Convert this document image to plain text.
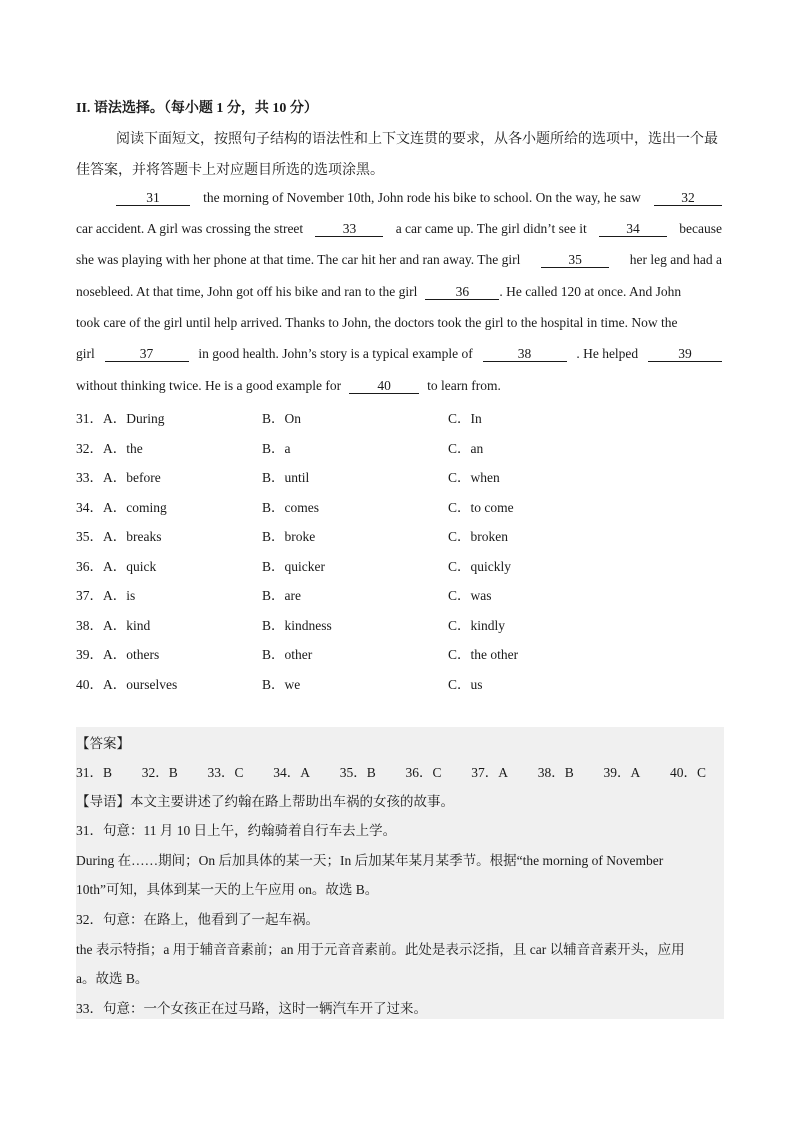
II. 语法选择。（每小题 1 分，共 10 分）
阅读下面短文，按照句子结构的语法性和上下文连贯的要求，从各小题所给的选项中，选出一个最
佳答案，并将答题卡上对应题目所选的选项涂黑。
31	the morning of November 10th, John rode his bike to school. On the way, he saw	32
car accident. A girl was crossing the street	33	a car came up. The girl didn’t see it	34	because
she was playing with her phone at that time. The car hit her and ran away. The girl	35	her leg and had a
nosebleed. At that time, John got off his bike and ran to the girl	36	. He called 120 at once. And John
took care of the girl until help arrived. Thanks to John, the doctors took the girl to the hospital in time. Now the
girl	37	in good health. John’s story is a typical example of	38	. He helped	39
without thinking twice. He is a good example for	40	to learn from.
31．A．During	B．On	C．In
32．A．the	B．a	C．an
33．A．before	B．until	C．when
34．A．coming	B．comes	C．to come
35．A．breaks	B．broke	C．broken
36．A．quick	B．quicker	C．quickly
37．A．is	B．are	C．was
38．A．kind	B．kindness	C．kindly
39．A．others	B．other	C．the other
40．A．ourselves	B．we	C．us
【答案】
31．B 32．B 33．C 34．A 35．B 36．C 37．A 38．B 39．A 40．C
【导语】本文主要讲述了约翰在路上帮助出车祸的女孩的故事。
31．句意：11 月 10 日上午，约翰骑着自行车去上学。
During 在……期间；On 后加具体的某一天；In 后加某年某月某季节。根据“the morning of November
10th”可知，具体到某一天的上午应用 on。故选 B。
32．句意：在路上，他看到了一起车祸。
the 表示特指；a 用于辅音音素前；an 用于元音音素前。此处是表示泛指，且 car 以辅音音素开头，应用
a。故选 B。
33．句意：一个女孩正在过马路，这时一辆汽车开了过来。
